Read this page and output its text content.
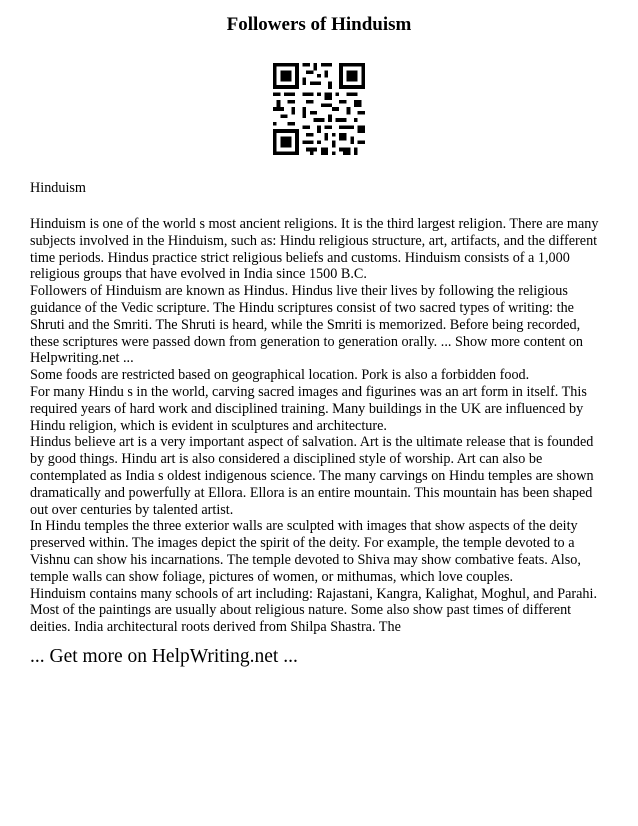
Followers of Hinduism
Hinduism

Hinduism is one of the world s most ancient religions. It is the third largest religion. There are many subjects involved in the Hinduism, such as: Hindu religious structure, art, artifacts, and the different time periods. Hindus practice strict religious beliefs and customs. Hinduism consists of a 1,000 religious groups that have evolved in India since 1500 B.C.

Followers of Hinduism are known as Hindus. Hindus live their lives by following the religious guidance of the Vedic scripture. The Hindu scriptures consist of two sacred types of writing: the Shruti and the Smriti. The Shruti is heard, while the Smriti is memorized. Before being recorded, these scriptures were passed down from generation to generation orally. ... Show more content on Helpwriting.net ...

Some foods are restricted based on geographical location. Pork is also a forbidden food.

For many Hindu s in the world, carving sacred images and figurines was an art form in itself. This required years of hard work and disciplined training. Many buildings in the UK are influenced by Hindu religion, which is evident in sculptures and architecture.

Hindus believe art is a very important aspect of salvation. Art is the ultimate release that is founded by good things. Hindu art is also considered a disciplined style of worship. Art can also be contemplated as India s oldest indigenous science. The many carvings on Hindu temples are shown dramatically and powerfully at Ellora. Ellora is an entire mountain. This mountain has been shaped out over centuries by talented artist.

In Hindu temples the three exterior walls are sculpted with images that show aspects of the deity preserved within. The images depict the spirit of the deity. For example, the temple devoted to a Vishnu can show his incarnations. The temple devoted to Shiva may show combative feats. Also, temple walls can show foliage, pictures of women, or mithumas, which love couples.

Hinduism contains many schools of art including: Rajastani, Kangra, Kalighat, Moghul, and Parahi. Most of the paintings are usually about religious nature. Some also show past times of different deities. India architectural roots derived from Shilpa Shastra. The

... Get more on HelpWriting.net ...
